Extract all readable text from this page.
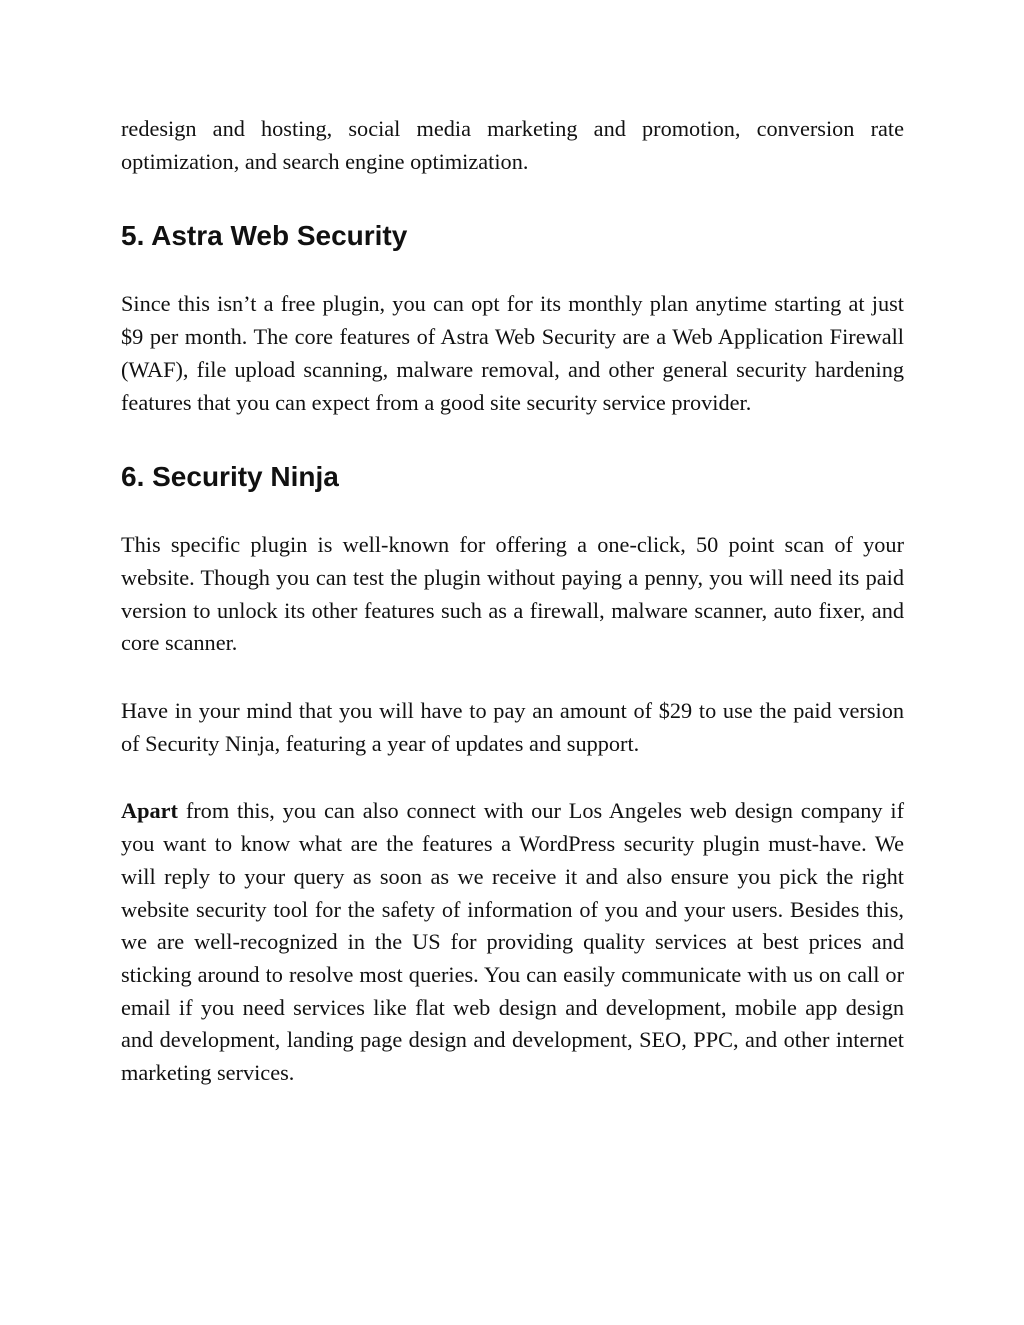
redesign and hosting, social media marketing and promotion, conversion rate optimization, and search engine optimization.

5. Astra Web Security

Since this isn’t a free plugin, you can opt for its monthly plan anytime starting at just $9 per month. The core features of Astra Web Security are a Web Application Firewall (WAF), file upload scanning, malware removal, and other general security hardening features that you can expect from a good site security service provider.

6. Security Ninja

This specific plugin is well-known for offering a one-click, 50 point scan of your website. Though you can test the plugin without paying a penny, you will need its paid version to unlock its other features such as a firewall, malware scanner, auto fixer, and core scanner.

Have in your mind that you will have to pay an amount of $29 to use the paid version of Security Ninja, featuring a year of updates and support.

Apart from this, you can also connect with our Los Angeles web design company if you want to know what are the features a WordPress security plugin must-have. We will reply to your query as soon as we receive it and also ensure you pick the right website security tool for the safety of information of you and your users. Besides this, we are well-recognized in the US for providing quality services at best prices and sticking around to resolve most queries. You can easily communicate with us on call or email if you need services like flat web design and development, mobile app design and development, landing page design and development, SEO, PPC, and other internet marketing services.
